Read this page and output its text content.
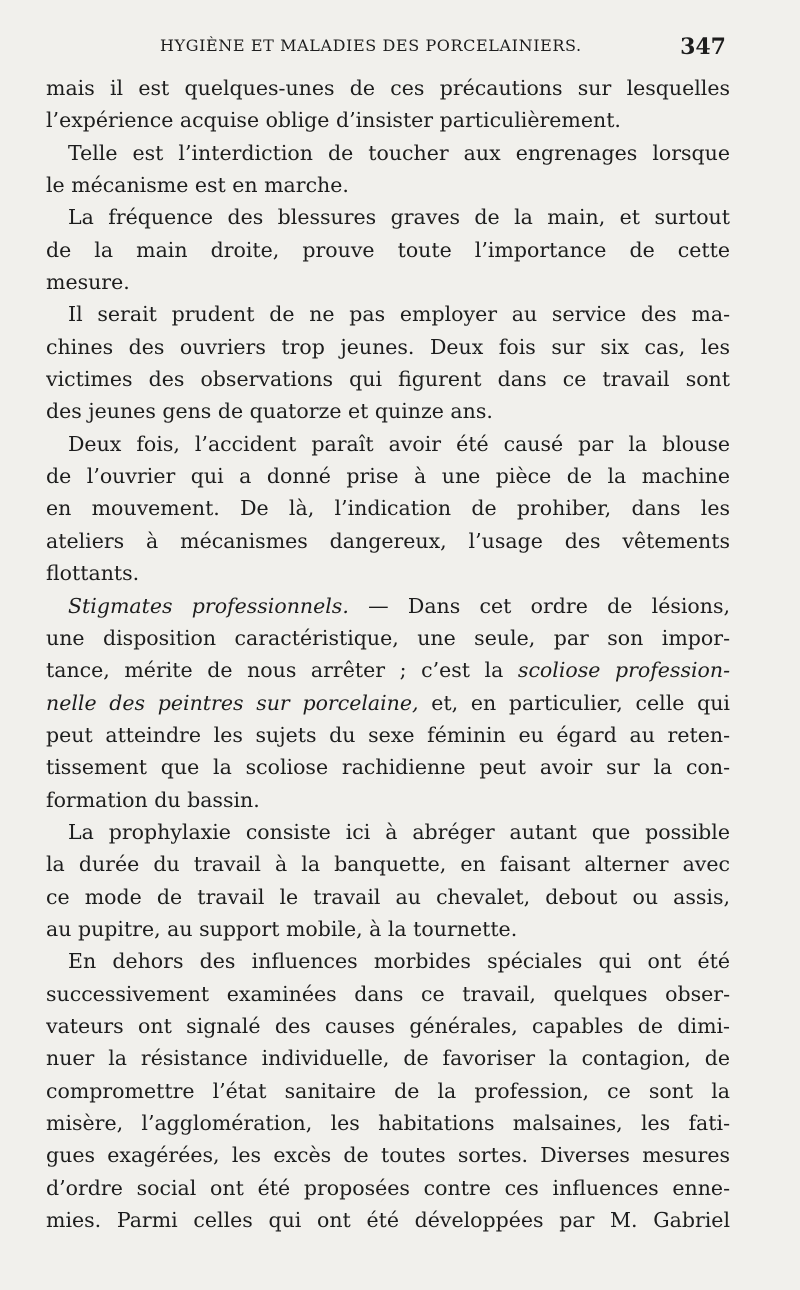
HYGIÈNE ET MALADIES DES PORCELAINIERS.	347
mais il est quelques-unes de ces précautions sur lesquelles
l’expérience acquise oblige d’insister particulièrement.
Telle est l’interdiction de toucher aux engrenages lorsque
le mécanisme est en marche.
La fréquence des blessures graves de la main, et surtout
de la main droite, prouve toute l’importance de cette
mesure.
Il serait prudent de ne pas employer au service des ma-
chines des ouvriers trop jeunes. Deux fois sur six cas, les
victimes des observations qui figurent dans ce travail sont
des jeunes gens de quatorze et quinze ans.
Deux fois, l’accident paraît avoir été causé par la blouse
de l’ouvrier qui a donné prise à une pièce de la machine
en mouvement. De là, l’indication de prohiber, dans les
ateliers à mécanismes dangereux, l’usage des vêtements
flottants.
Stigmates professionnels. — Dans cet ordre de lésions,
une disposition caractéristique, une seule, par son impor-
tance, mérite de nous arrêter ; c’est la scoliose profession-
nelle des peintres sur porcelaine, et, en particulier, celle qui
peut atteindre les sujets du sexe féminin eu égard au reten-
tissement que la scoliose rachidienne peut avoir sur la con-
formation du bassin.
La prophylaxie consiste ici à abréger autant que possible
la durée du travail à la banquette, en faisant alterner avec
ce mode de travail le travail au chevalet, debout ou assis,
au pupitre, au support mobile, à la tournette.
En dehors des influences morbides spéciales qui ont été
successivement examinées dans ce travail, quelques obser-
vateurs ont signalé des causes générales, capables de dimi-
nuer la résistance individuelle, de favoriser la contagion, de
compromettre l’état sanitaire de la profession, ce sont la
misère, l’agglomération, les habitations malsaines, les fati-
gues exagérées, les excès de toutes sortes. Diverses mesures
d’ordre social ont été proposées contre ces influences enne-
mies. Parmi celles qui ont été développées par M. Gabriel
